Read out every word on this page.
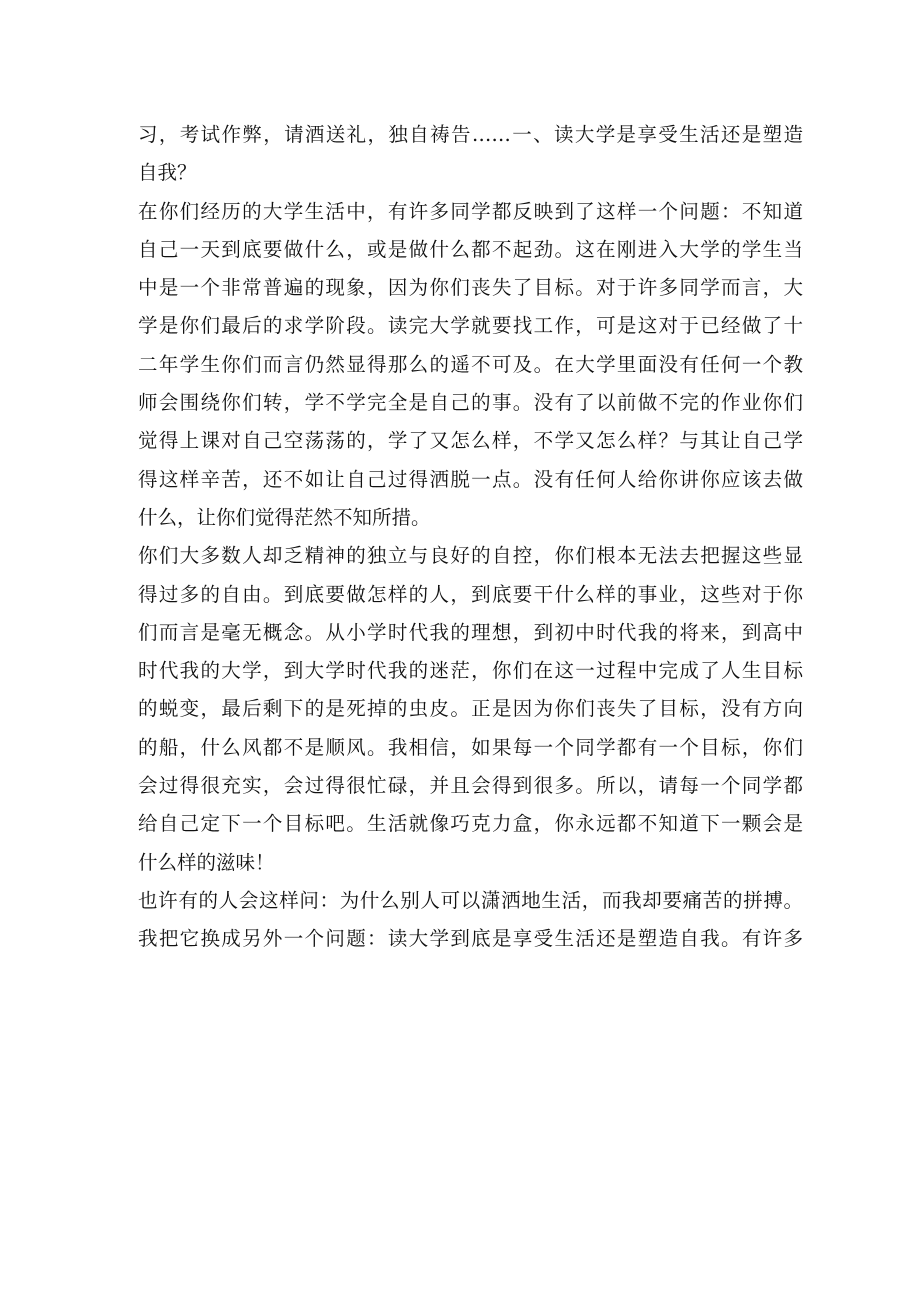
习，考试作弊，请酒送礼，独自祷告……一、读大学是享受生活还是塑造
自我？
在你们经历的大学生活中，有许多同学都反映到了这样一个问题：不知道
自己一天到底要做什么，或是做什么都不起劲。这在刚进入大学的学生当
中是一个非常普遍的现象，因为你们丧失了目标。对于许多同学而言，大
学是你们最后的求学阶段。读完大学就要找工作，可是这对于已经做了十
二年学生你们而言仍然显得那么的遥不可及。在大学里面没有任何一个教
师会围绕你们转，学不学完全是自己的事。没有了以前做不完的作业你们
觉得上课对自己空荡荡的，学了又怎么样，不学又怎么样？与其让自己学
得这样辛苦，还不如让自己过得洒脱一点。没有任何人给你讲你应该去做
什么，让你们觉得茫然不知所措。
你们大多数人却乏精神的独立与良好的自控，你们根本无法去把握这些显
得过多的自由。到底要做怎样的人，到底要干什么样的事业，这些对于你
们而言是毫无概念。从小学时代我的理想，到初中时代我的将来，到高中
时代我的大学，到大学时代我的迷茫，你们在这一过程中完成了人生目标
的蜕变，最后剩下的是死掉的虫皮。正是因为你们丧失了目标，没有方向
的船，什么风都不是顺风。我相信，如果每一个同学都有一个目标，你们
会过得很充实，会过得很忙碌，并且会得到很多。所以，请每一个同学都
给自己定下一个目标吧。生活就像巧克力盒，你永远都不知道下一颗会是
什么样的滋味！
也许有的人会这样问：为什么别人可以潇洒地生活，而我却要痛苦的拼搏。
我把它换成另外一个问题：读大学到底是享受生活还是塑造自我。有许多
